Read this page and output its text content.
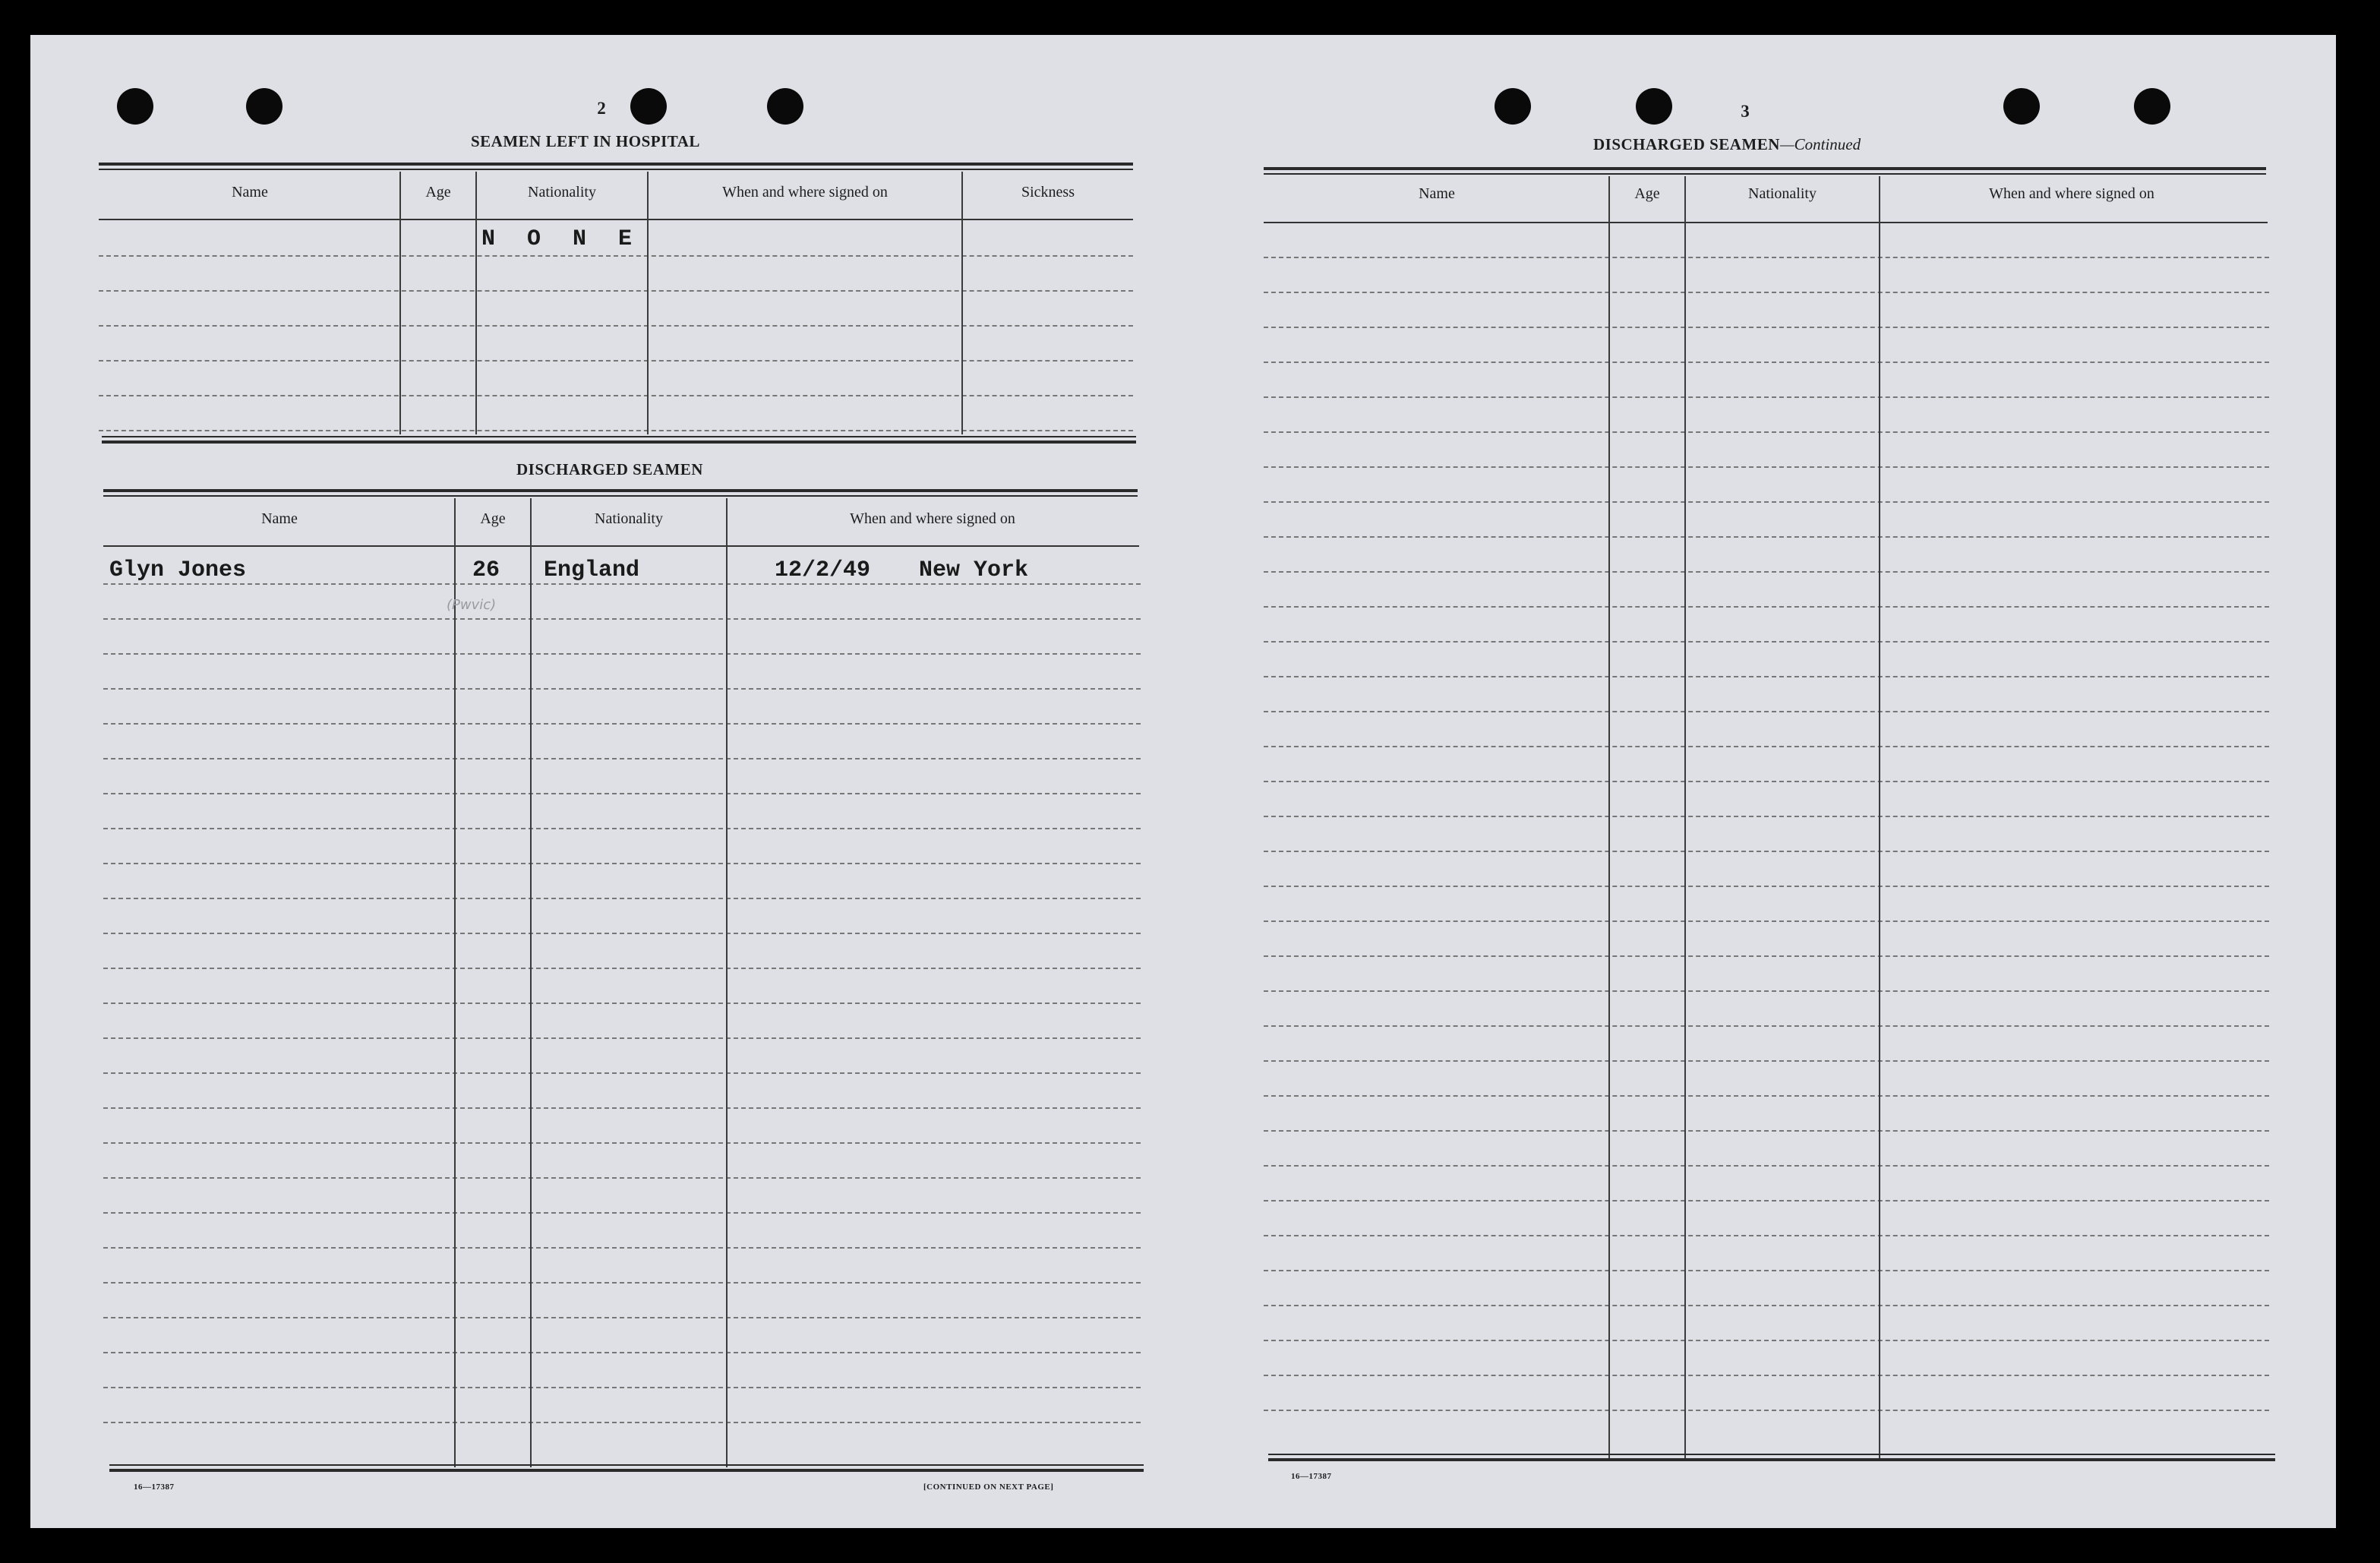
2
SEAMEN LEFT IN HOSPITAL
Name	Age	Nationality	When and where signed on	Sickness
N O N E
DISCHARGED SEAMEN
Name	Age	Nationality	When and where signed on
Glyn Jones	26 England	12/2/49 New York
(Pwvic)
16—17387	[CONTINUED ON NEXT PAGE]
3
DISCHARGED SEAMEN—Continued
Name	Age	Nationality	When and where signed on
16—17387
